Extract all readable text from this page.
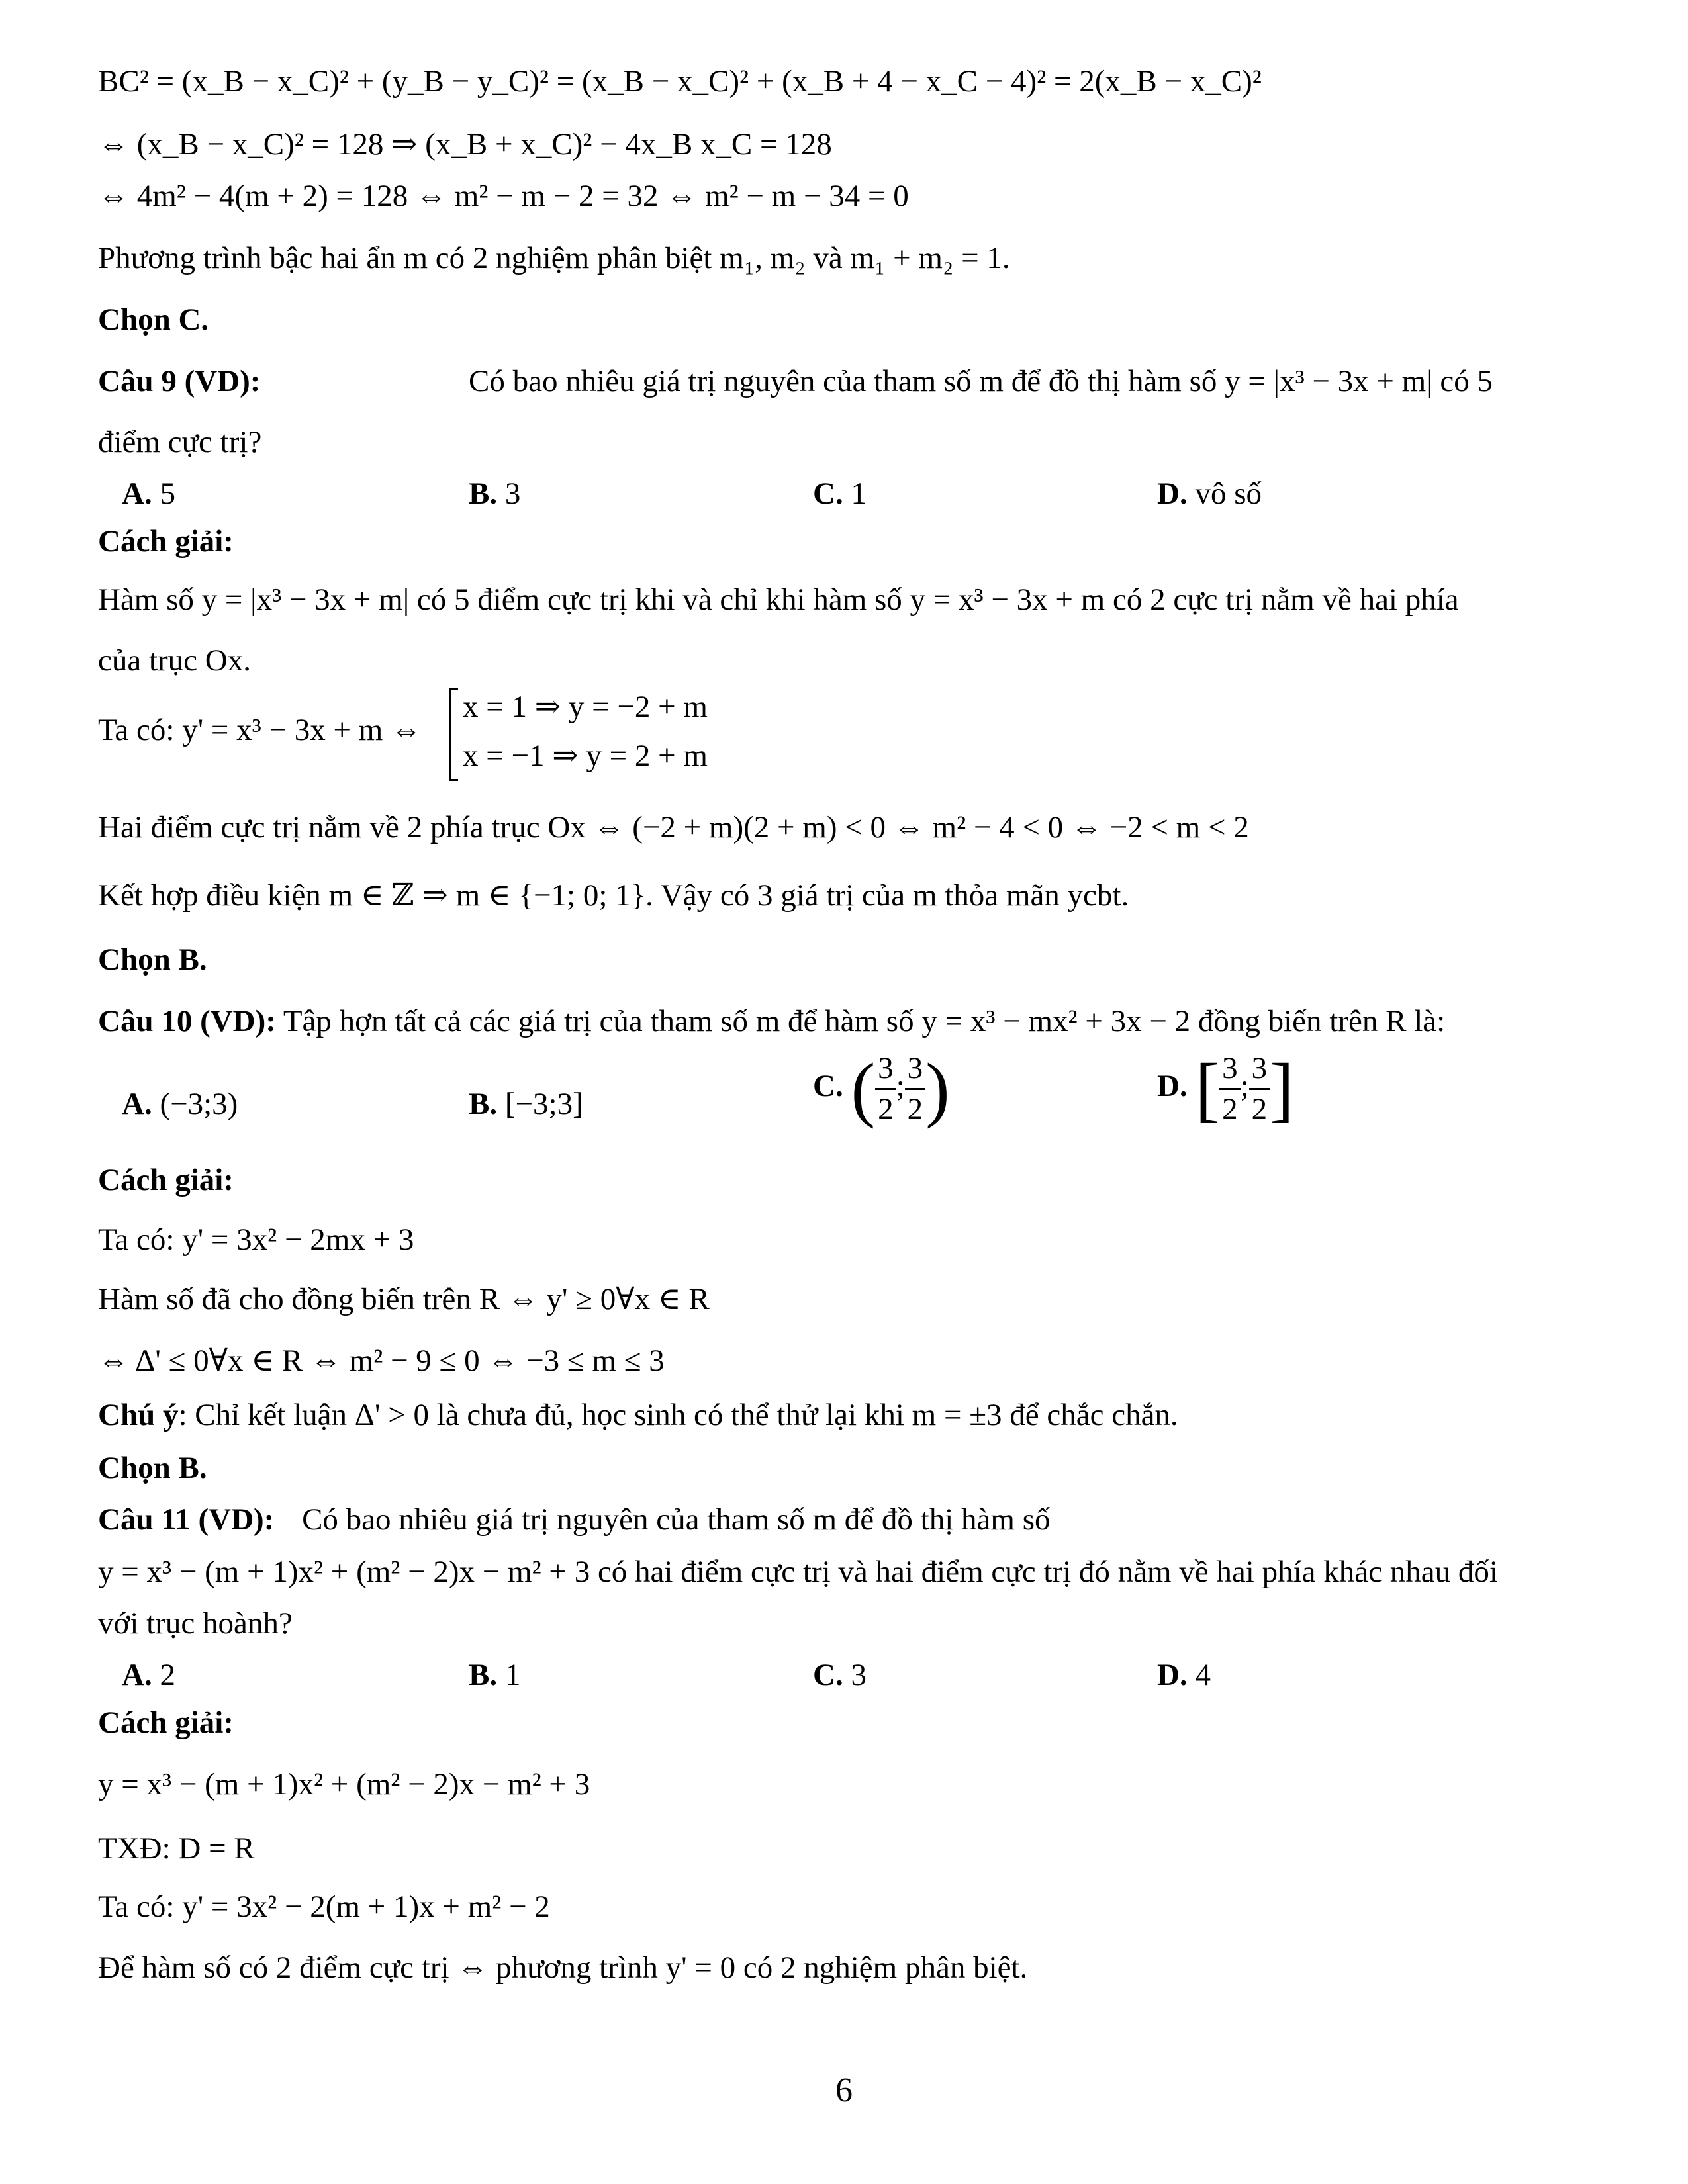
BC² = (x_B − x_C)² + (y_B − y_C)² = (x_B − x_C)² + (x_B + 4 − x_C − 4)² = 2(x_B − x_C)²
⇔ (x_B − x_C)² = 128 ⇒ (x_B + x_C)² − 4x_B x_C = 128
⇔ 4m² − 4(m + 2) = 128 ⇔ m² − m − 2 = 32 ⇔ m² − m − 34 = 0
Phương trình bậc hai ẩn m có 2 nghiệm phân biệt m₁, m₂ và m₁ + m₂ = 1.
Chọn C.
Câu 9 (VD):	Có bao nhiêu giá trị nguyên của tham số m để đồ thị hàm số y = |x³ − 3x + m| có 5
điểm cực trị?
A. 5	B. 3	C. 1	D. vô số
Cách giải:
Hàm số y = |x³ − 3x + m| có 5 điểm cực trị khi và chỉ khi hàm số y = x³ − 3x + m có 2 cực trị nằm về hai phía
của trục Ox.
Ta có: y' = x³ − 3x + m ⇔
x = 1 ⇒ y = −2 + m
x = −1 ⇒ y = 2 + m
Hai điểm cực trị nằm về 2 phía trục Ox ⇔ (−2 + m)(2 + m) < 0 ⇔ m² − 4 < 0 ⇔ −2 < m < 2
Kết hợp điều kiện m ∈ ℤ ⇒ m ∈ {−1; 0; 1}. Vậy có 3 giá trị của m thỏa mãn ycbt.
Chọn B.
Câu 10 (VD): Tập hợn tất cả các giá trị của tham số m để hàm số y = x³ − mx² + 3x − 2 đồng biến trên R là:
A. (−3;3)	B. [−3;3]
C. ( $\frac{3}{2}$ ; $\frac{3}{2}$ )	D. [ $\frac{3}{2}$ ; $\frac{3}{2}$ ]
Cách giải:
Ta có: y' = 3x² − 2mx + 3
Hàm số đã cho đồng biến trên R ⇔ y' ≥ 0∀x ∈ R
⇔ Δ' ≤ 0∀x ∈ R ⇔ m² − 9 ≤ 0 ⇔ −3 ≤ m ≤ 3
Chú ý: Chỉ kết luận Δ' > 0 là chưa đủ, học sinh có thể thử lại khi m = ±3 để chắc chắn.
Chọn B.
Câu 11 (VD): Có bao nhiêu giá trị nguyên của tham số m để đồ thị hàm số
y = x³ − (m + 1)x² + (m² − 2)x − m² + 3 có hai điểm cực trị và hai điểm cực trị đó nằm về hai phía khác nhau đối
với trục hoành?
A. 2	B. 1	C. 3	D. 4
Cách giải:
y = x³ − (m + 1)x² + (m² − 2)x − m² + 3
TXĐ: D = R
Ta có: y' = 3x² − 2(m + 1)x + m² − 2
Để hàm số có 2 điểm cực trị ⇔ phương trình y' = 0 có 2 nghiệm phân biệt.
6
